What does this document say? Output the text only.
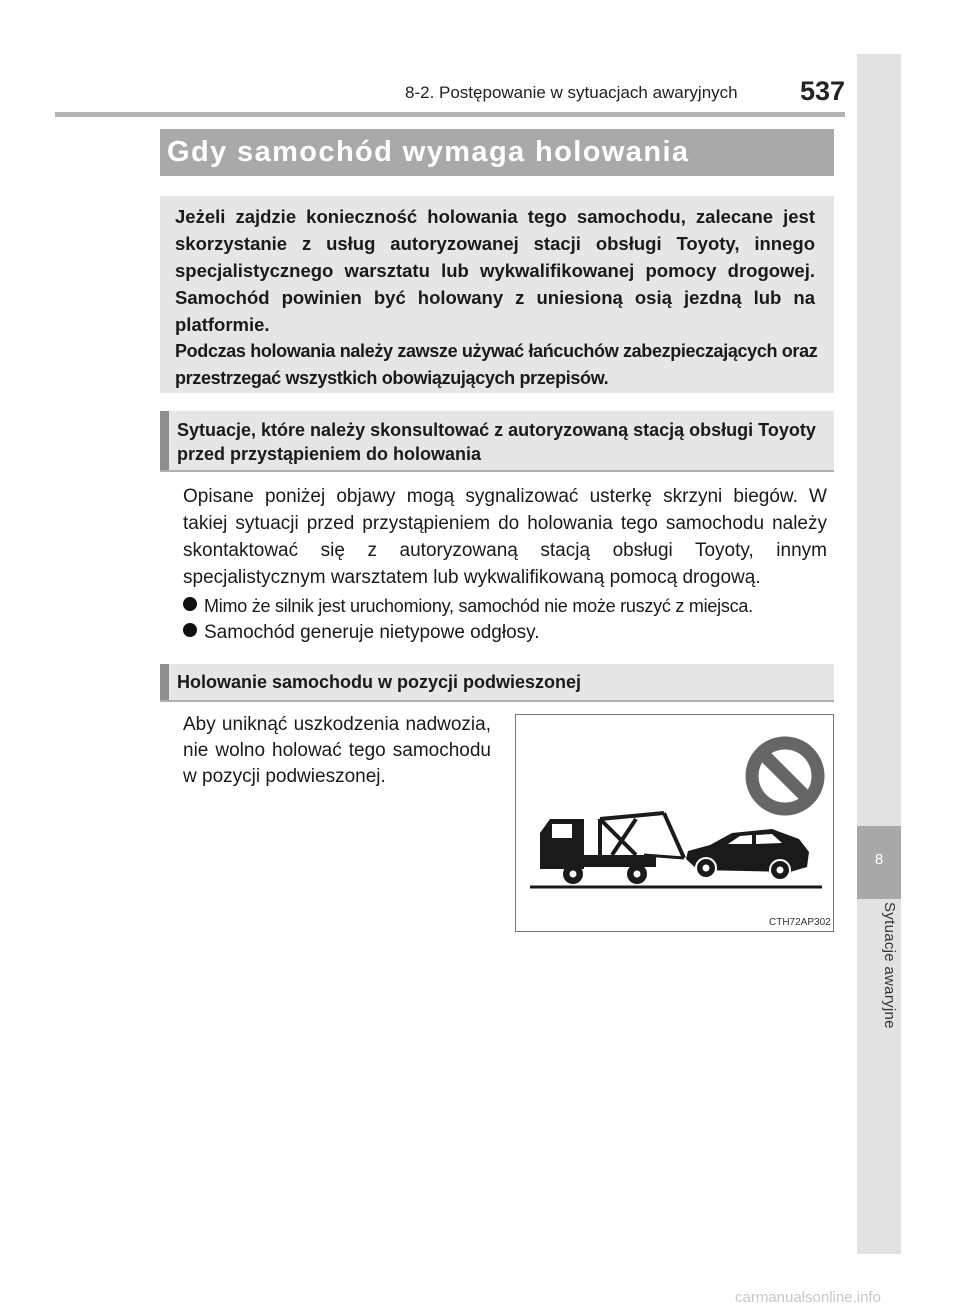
8-2. Postępowanie w sytuacjach awaryjnych 537
8
Sytuacje awaryjne
Gdy samochód wymaga holowania
Jeżeli zajdzie konieczność holowania tego samochodu, zalecane jest skorzystanie z usług autoryzowanej stacji obsługi Toyoty, innego specjalistycznego warsztatu lub wykwalifikowanej pomocy drogowej. Samochód powinien być holowany z uniesioną osią jezdną lub na platformie.
Podczas holowania należy zawsze używać łańcuchów zabezpieczających oraz przestrzegać wszystkich obowiązujących przepisów.
Sytuacje, które należy skonsultować z autoryzowaną stacją obsługi Toyoty przed przystąpieniem do holowania
Opisane poniżej objawy mogą sygnalizować usterkę skrzyni biegów. W takiej sytuacji przed przystąpieniem do holowania tego samochodu należy skontaktować się z autoryzowaną stacją obsługi Toyoty, innym specjalistycznym warsztatem lub wykwalifikowaną pomocą drogową.
Mimo że silnik jest uruchomiony, samochód nie może ruszyć z miejsca.
Samochód generuje nietypowe odgłosy.
Holowanie samochodu w pozycji podwieszonej
Aby uniknąć uszkodzenia nadwozia, nie wolno holować tego samochodu w pozycji podwieszonej.
CTH72AP302
carmanualsonline.info
